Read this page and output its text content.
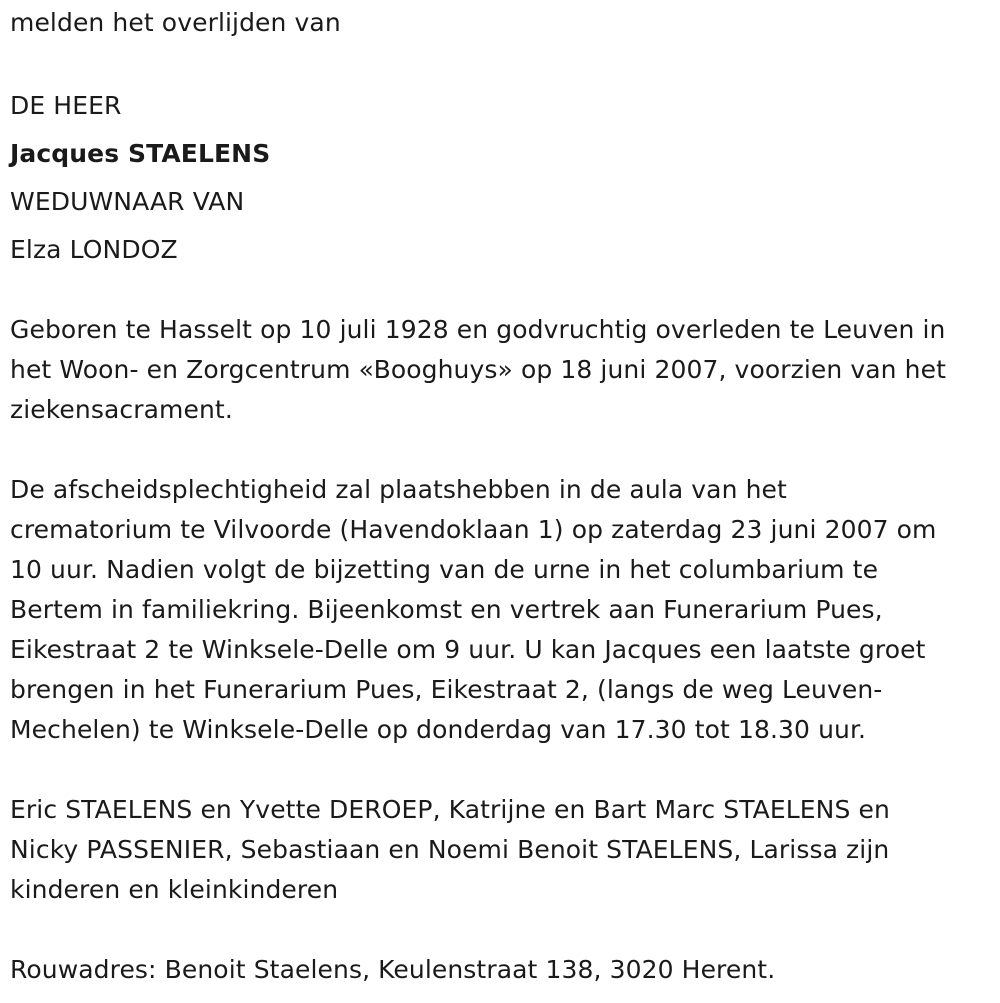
melden het overlijden van

DE HEER

Jacques STAELENS

WEDUWNAAR VAN

Elza LONDOZ

Geboren te Hasselt op 10 juli 1928 en godvruchtig overleden te Leuven in
het Woon- en Zorgcentrum «Booghuys» op 18 juni 2007, voorzien van het
ziekensacrament.
De afscheidsplechtigheid zal plaatshebben in de aula van het
crematorium te Vilvoorde (Havendoklaan 1) op zaterdag 23 juni 2007 om
10 uur. Nadien volgt de bijzetting van de urne in het columbarium te
Bertem in familiekring. Bijeenkomst en vertrek aan Funerarium Pues,
Eikestraat 2 te Winksele-Delle om 9 uur. U kan Jacques een laatste groet
brengen in het Funerarium Pues, Eikestraat 2, (langs de weg Leuven-
Mechelen) te Winksele-Delle op donderdag van 17.30 tot 18.30 uur.
Eric STAELENS en Yvette DEROEP, Katrijne en Bart Marc STAELENS en
Nicky PASSENIER, Sebastiaan en Noemi Benoit STAELENS, Larissa zijn
kinderen en kleinkinderen
Rouwadres: Benoit Staelens, Keulenstraat 138, 3020 Herent.
